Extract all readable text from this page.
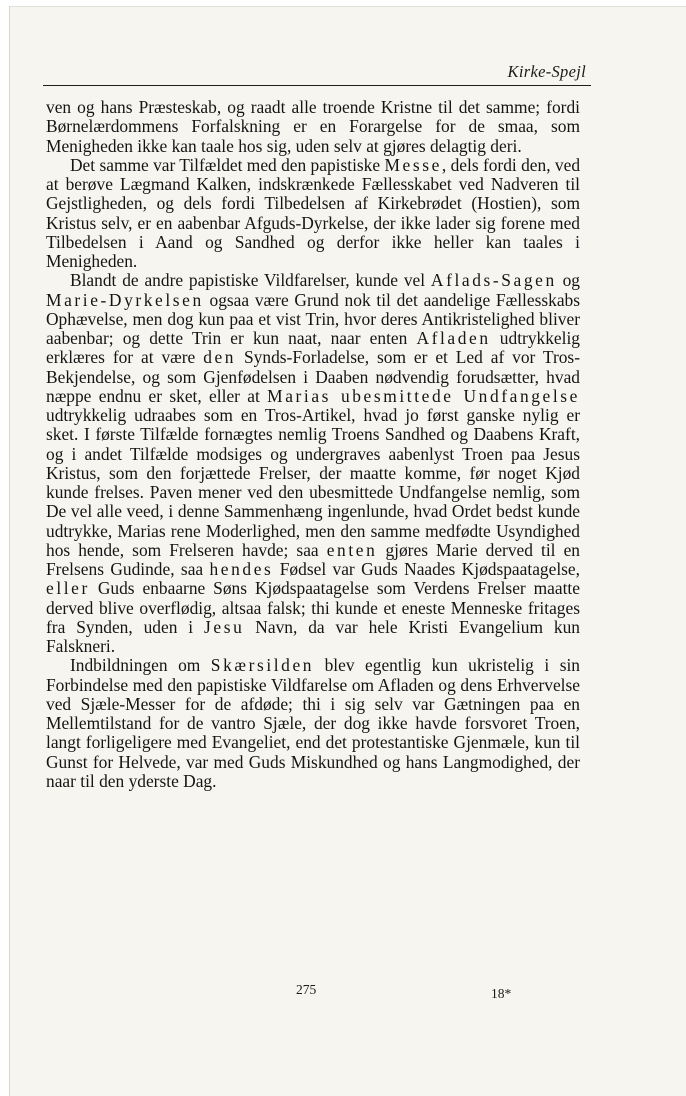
Kirke-Spejl

ven og hans Præsteskab, og raadt alle troende Kristne til det samme; fordi Børnelærdommens Forfalskning er en Forargelse for de smaa, som Menigheden ikke kan taale hos sig, uden selv at gjøres delagtig deri.

Det samme var Tilfældet med den papistiske Messe, dels fordi den, ved at berøve Lægmand Kalken, indskrænkede Fællesskabet ved Nadveren til Gejstligheden, og dels fordi Tilbedelsen af Kirkebrødet (Hostien), som Kristus selv, er en aabenbar Afguds-Dyrkelse, der ikke lader sig forene med Tilbedelsen i Aand og Sandhed og derfor ikke heller kan taales i Menigheden.

Blandt de andre papistiske Vildfarelser, kunde vel Aflads-Sagen og Marie-Dyrkelsen ogsaa være Grund nok til det aandelige Fællesskabs Ophævelse, men dog kun paa et vist Trin, hvor deres Antikristelighed bliver aabenbar; og dette Trin er kun naat, naar enten Afladen udtrykkelig erklæres for at være den Synds-Forladelse, som er et Led af vor Tros-Bekjendelse, og som Gjenfødelsen i Daaben nødvendig forudsætter, hvad næppe endnu er sket, eller at Marias ubesmittede Undfangelse udtrykkelig udraabes som en Tros-Artikel, hvad jo først ganske nylig er sket. I første Tilfælde fornægtes nemlig Troens Sandhed og Daabens Kraft, og i andet Tilfælde modsiges og undergraves aabenlyst Troen paa Jesus Kristus, som den forjættede Frelser, der maatte komme, før noget Kjød kunde frelses. Paven mener ved den ubesmittede Undfangelse nemlig, som De vel alle veed, i denne Sammenhæng ingenlunde, hvad Ordet bedst kunde udtrykke, Marias rene Moderlighed, men den samme medfødte Usyndighed hos hende, som Frelseren havde; saa enten gjøres Marie derved til en Frelsens Gudinde, saa hendes Fødsel var Guds Naades Kjødspaatagelse, eller Guds enbaarne Søns Kjødspaatagelse som Verdens Frelser maatte derved blive overflødig, altsaa falsk; thi kunde et eneste Menneske fritages fra Synden, uden i Jesu Navn, da var hele Kristi Evangelium kun Falskneri.

Indbildningen om Skærsilden blev egentlig kun ukristelig i sin Forbindelse med den papistiske Vildfarelse om Afladen og dens Erhvervelse ved Sjæle-Messer for de afdøde; thi i sig selv var Gætningen paa en Mellemtilstand for de vantro Sjæle, der dog ikke havde forsvoret Troen, langt forligeligere med Evangeliet, end det protestantiske Gjenmæle, kun til Gunst for Helvede, var med Guds Miskundhed og hans Langmodighed, der naar til den yderste Dag.

275	18*
